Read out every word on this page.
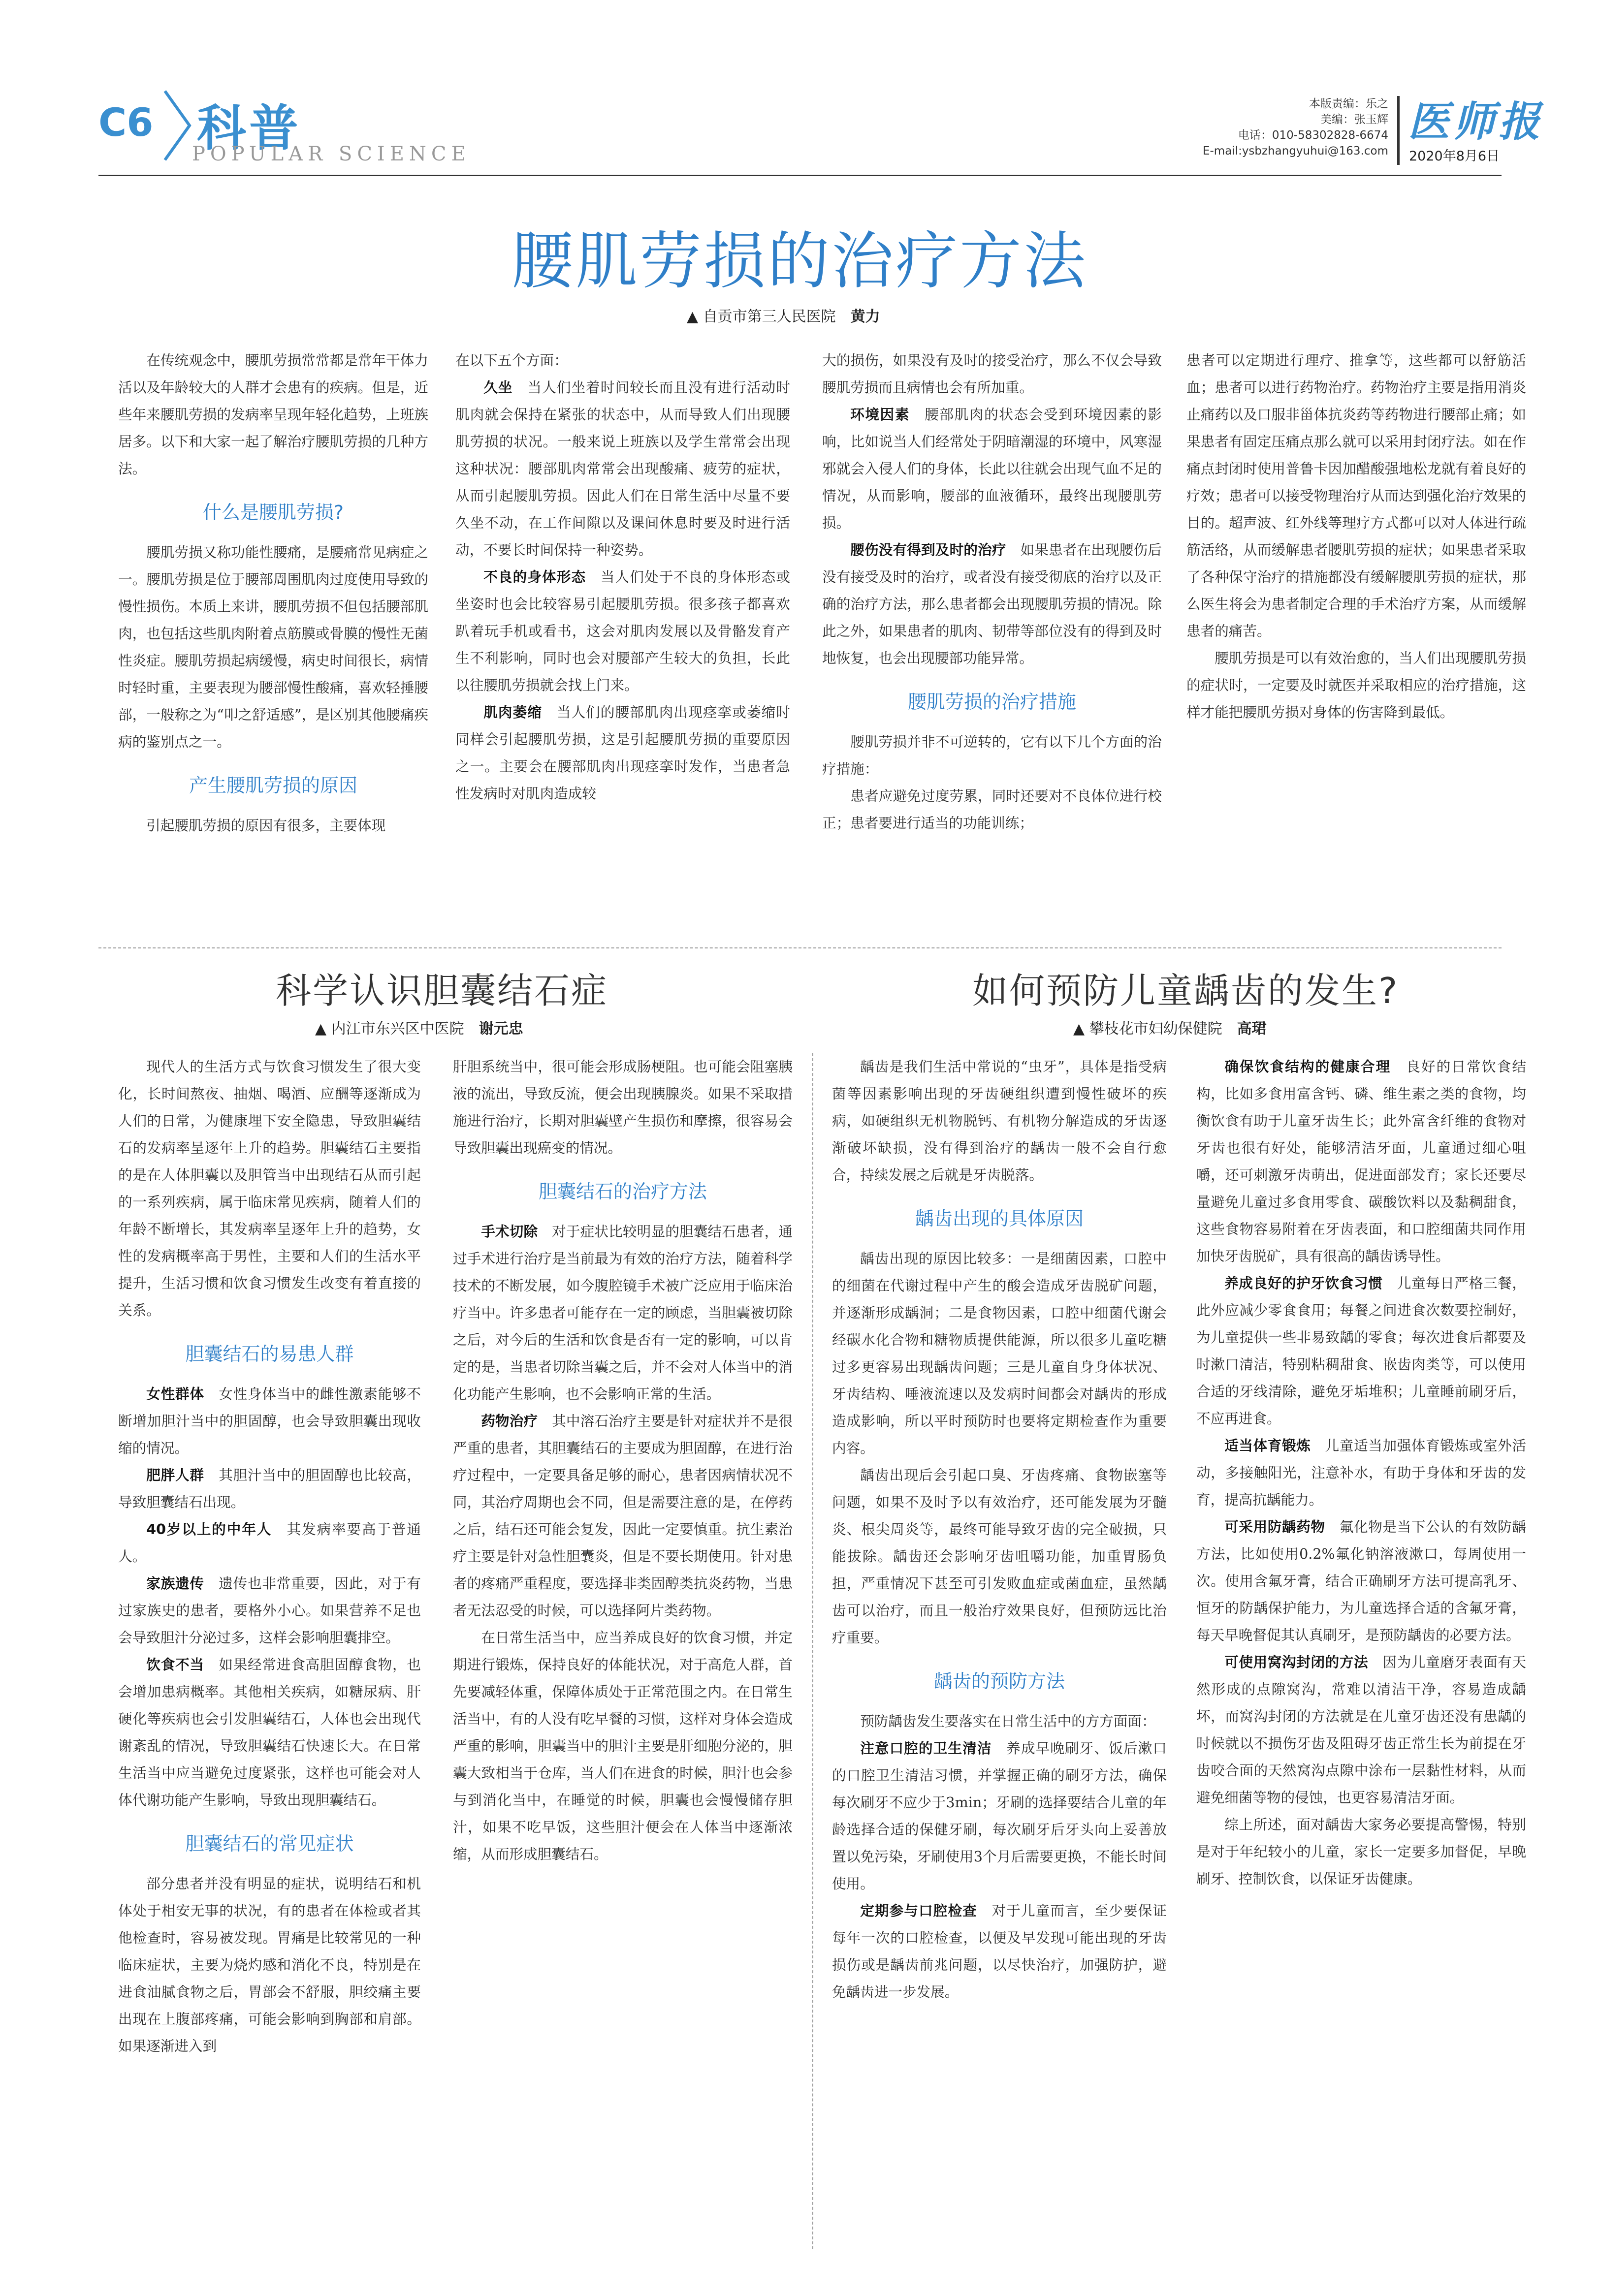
C6 科普
POPULAR SCIENCE
本版责编：乐之
美编：张玉辉
电话：010-58302828-6674
E-mail:ysbzhangyuhui@163.com
医师报
2020年8月6日
腰肌劳损的治疗方法
▲ 自贡市第三人民医院 黄力

在传统观念中，腰肌劳损常常都是常年干体力活以及年龄较大的人群才会患有的疾病。但是，近些年来腰肌劳损的发病率呈现年轻化趋势，上班族居多。以下和大家一起了解治疗腰肌劳损的几种方法。

什么是腰肌劳损?

腰肌劳损又称功能性腰痛，是腰痛常见病症之一。腰肌劳损是位于腰部周围肌肉过度使用导致的慢性损伤。本质上来讲，腰肌劳损不但包括腰部肌肉，也包括这些肌肉附着点筋膜或骨膜的慢性无菌性炎症。腰肌劳损起病缓慢，病史时间很长，病情时轻时重，主要表现为腰部慢性酸痛，喜欢轻捶腰部，一般称之为“叩之舒适感”，是区别其他腰痛疾病的鉴别点之一。

产生腰肌劳损的原因

引起腰肌劳损的原因有很多，主要体现

在以下五个方面：

久坐　 当人们坐着时间较长而且没有进行活动时肌肉就会保持在紧张的状态中，从而导致人们出现腰肌劳损的状况。一般来说上班族以及学生常常会出现这种状况：腰部肌肉常常会出现酸痛、疲劳的症状，从而引起腰肌劳损。因此人们在日常生活中尽量不要久坐不动，在工作间隙以及课间休息时要及时进行活动，不要长时间保持一种姿势。

不良的身体形态　 当人们处于不良的身体形态或坐姿时也会比较容易引起腰肌劳损。很多孩子都喜欢趴着玩手机或看书，这会对肌肉发展以及骨骼发育产生不利影响，同时也会对腰部产生较大的负担，长此以往腰肌劳损就会找上门来。

肌肉萎缩　 当人们的腰部肌肉出现痉挛或萎缩时同样会引起腰肌劳损，这是引起腰肌劳损的重要原因之一。主要会在腰部肌肉出现痉挛时发作，当患者急性发病时对肌肉造成较

大的损伤，如果没有及时的接受治疗，那么不仅会导致腰肌劳损而且病情也会有所加重。

环境因素　 腰部肌肉的状态会受到环境因素的影响，比如说当人们经常处于阴暗潮湿的环境中，风寒湿邪就会入侵人们的身体，长此以往就会出现气血不足的情况，从而影响，腰部的血液循环，最终出现腰肌劳损。

腰伤没有得到及时的治疗　 如果患者在出现腰伤后没有接受及时的治疗，或者没有接受彻底的治疗以及正确的治疗方法，那么患者都会出现腰肌劳损的情况。除此之外，如果患者的肌肉、韧带等部位没有的得到及时地恢复，也会出现腰部功能异常。

腰肌劳损的治疗措施

腰肌劳损并非不可逆转的，它有以下几个方面的治疗措施：

患者应避免过度劳累，同时还要对不良体位进行校正；患者要进行适当的功能训练；

患者可以定期进行理疗、推拿等，这些都可以舒筋活血；患者可以进行药物治疗。药物治疗主要是指用消炎止痛药以及口服非甾体抗炎药等药物进行腰部止痛；如果患者有固定压痛点那么就可以采用封闭疗法。如在作痛点封闭时使用普鲁卡因加醋酸强地松龙就有着良好的疗效；患者可以接受物理治疗从而达到强化治疗效果的目的。超声波、红外线等理疗方式都可以对人体进行疏筋活络，从而缓解患者腰肌劳损的症状；如果患者采取了各种保守治疗的措施都没有缓解腰肌劳损的症状，那么医生将会为患者制定合理的手术治疗方案，从而缓解患者的痛苦。

腰肌劳损是可以有效治愈的，当人们出现腰肌劳损的症状时，一定要及时就医并采取相应的治疗措施，这样才能把腰肌劳损对身体的伤害降到最低。

科学认识胆囊结石症
▲ 内江市东兴区中医院 谢元忠

现代人的生活方式与饮食习惯发生了很大变化，长时间熬夜、抽烟、喝酒、应酬等逐渐成为人们的日常，为健康埋下安全隐患，导致胆囊结石的发病率呈逐年上升的趋势。胆囊结石主要指的是在人体胆囊以及胆管当中出现结石从而引起的一系列疾病，属于临床常见疾病，随着人们的年龄不断增长，其发病率呈逐年上升的趋势，女性的发病概率高于男性，主要和人们的生活水平提升，生活习惯和饮食习惯发生改变有着直接的关系。

胆囊结石的易患人群

女性群体　 女性身体当中的雌性激素能够不断增加胆汁当中的胆固醇，也会导致胆囊出现收缩的情况。

肥胖人群　 其胆汁当中的胆固醇也比较高，导致胆囊结石出现。

40岁以上的中年人　 其发病率要高于普通人。

家族遗传　 遗传也非常重要，因此，对于有过家族史的患者，要格外小心。如果营养不足也会导致胆汁分泌过多，这样会影响胆囊排空。

饮食不当　 如果经常进食高胆固醇食物，也会增加患病概率。其他相关疾病，如糖尿病、肝硬化等疾病也会引发胆囊结石，人体也会出现代谢紊乱的情况，导致胆囊结石快速长大。在日常生活当中应当避免过度紧张，这样也可能会对人体代谢功能产生影响，导致出现胆囊结石。

胆囊结石的常见症状

部分患者并没有明显的症状，说明结石和机体处于相安无事的状况，有的患者在体检或者其他检查时，容易被发现。胃痛是比较常见的一种临床症状，主要为烧灼感和消化不良，特别是在进食油腻食物之后，胃部会不舒服，胆绞痛主要出现在上腹部疼痛，可能会影响到胸部和肩部。如果逐渐进入到

肝胆系统当中，很可能会形成肠梗阻。也可能会阻塞胰液的流出，导致反流，便会出现胰腺炎。如果不采取措施进行治疗，长期对胆囊壁产生损伤和摩擦，很容易会导致胆囊出现癌变的情况。

胆囊结石的治疗方法

手术切除　 对于症状比较明显的胆囊结石患者，通过手术进行治疗是当前最为有效的治疗方法，随着科学技术的不断发展，如今腹腔镜手术被广泛应用于临床治疗当中。许多患者可能存在一定的顾虑，当胆囊被切除之后，对今后的生活和饮食是否有一定的影响，可以肯定的是，当患者切除当囊之后，并不会对人体当中的消化功能产生影响，也不会影响正常的生活。

药物治疗　 其中溶石治疗主要是针对症状并不是很严重的患者，其胆囊结石的主要成为胆固醇，在进行治疗过程中，一定要具备足够的耐心，患者因病情状况不同，其治疗周期也会不同，但是需要注意的是，在停药之后，结石还可能会复发，因此一定要慎重。抗生素治疗主要是针对急性胆囊炎，但是不要长期使用。针对患者的疼痛严重程度，要选择非类固醇类抗炎药物，当患者无法忍受的时候，可以选择阿片类药物。

在日常生活当中，应当养成良好的饮食习惯，并定期进行锻炼，保持良好的体能状况，对于高危人群，首先要减轻体重，保障体质处于正常范围之内。在日常生活当中，有的人没有吃早餐的习惯，这样对身体会造成严重的影响，胆囊当中的胆汁主要是肝细胞分泌的，胆囊大致相当于仓库，当人们在进食的时候，胆汁也会参与到消化当中，在睡觉的时候，胆囊也会慢慢储存胆汁，如果不吃早饭，这些胆汁便会在人体当中逐渐浓缩，从而形成胆囊结石。

如何预防儿童龋齿的发生?
▲ 攀枝花市妇幼保健院 高珺

龋齿是我们生活中常说的“虫牙”，具体是指受病菌等因素影响出现的牙齿硬组织遭到慢性破坏的疾病，如硬组织无机物脱钙、有机物分解造成的牙齿逐渐破坏缺损，没有得到治疗的龋齿一般不会自行愈合，持续发展之后就是牙齿脱落。

龋齿出现的具体原因

龋齿出现的原因比较多：一是细菌因素，口腔中的细菌在代谢过程中产生的酸会造成牙齿脱矿问题，并逐渐形成龋洞；二是食物因素，口腔中细菌代谢会经碳水化合物和糖物质提供能源，所以很多儿童吃糖过多更容易出现龋齿问题；三是儿童自身身体状况、牙齿结构、唾液流速以及发病时间都会对龋齿的形成造成影响，所以平时预防时也要将定期检查作为重要内容。

龋齿出现后会引起口臭、牙齿疼痛、食物嵌塞等问题，如果不及时予以有效治疗，还可能发展为牙髓炎、根尖周炎等，最终可能导致牙齿的完全破损，只能拔除。龋齿还会影响牙齿咀嚼功能，加重胃肠负担，严重情况下甚至可引发败血症或菌血症，虽然龋齿可以治疗，而且一般治疗效果良好，但预防远比治疗重要。

龋齿的预防方法

预防龋齿发生要落实在日常生活中的方方面面：

注意口腔的卫生清洁　 养成早晚刷牙、饭后漱口的口腔卫生清洁习惯，并掌握正确的刷牙方法，确保每次刷牙不应少于3min；牙刷的选择要结合儿童的年龄选择合适的保健牙刷，每次刷牙后牙头向上妥善放置以免污染，牙刷使用3个月后需要更换，不能长时间使用。

定期参与口腔检查　 对于儿童而言，至少要保证每年一次的口腔检查，以便及早发现可能出现的牙齿损伤或是龋齿前兆问题，以尽快治疗，加强防护，避免龋齿进一步发展。

确保饮食结构的健康合理　 良好的日常饮食结构，比如多食用富含钙、磷、维生素之类的食物，均衡饮食有助于儿童牙齿生长；此外富含纤维的食物对牙齿也很有好处，能够清洁牙面，儿童通过细心咀嚼，还可刺激牙齿萌出，促进面部发育；家长还要尽量避免儿童过多食用零食、碳酸饮料以及黏稠甜食，这些食物容易附着在牙齿表面，和口腔细菌共同作用加快牙齿脱矿，具有很高的龋齿诱导性。

养成良好的护牙饮食习惯　 儿童每日严格三餐，此外应减少零食食用；每餐之间进食次数要控制好，为儿童提供一些非易致龋的零食；每次进食后都要及时漱口清洁，特别粘稠甜食、嵌齿肉类等，可以使用合适的牙线清除，避免牙垢堆积；儿童睡前刷牙后，不应再进食。

适当体育锻炼　 儿童适当加强体育锻炼或室外活动，多接触阳光，注意补水，有助于身体和牙齿的发育，提高抗龋能力。

可采用防龋药物　 氟化物是当下公认的有效防龋方法，比如使用0.2%氟化钠溶液漱口，每周使用一次。使用含氟牙膏，结合正确刷牙方法可提高乳牙、恒牙的防龋保护能力，为儿童选择合适的含氟牙膏，每天早晚督促其认真刷牙，是预防龋齿的必要方法。

可使用窝沟封闭的方法　 因为儿童磨牙表面有天然形成的点隙窝沟，常难以清洁干净，容易造成龋坏，而窝沟封闭的方法就是在儿童牙齿还没有患龋的时候就以不损伤牙齿及阻碍牙齿正常生长为前提在牙齿咬合面的天然窝沟点隙中涂布一层黏性材料，从而避免细菌等物的侵蚀，也更容易清洁牙面。

综上所述，面对龋齿大家务必要提高警惕，特别是对于年纪较小的儿童，家长一定要多加督促，早晚刷牙、控制饮食，以保证牙齿健康。
